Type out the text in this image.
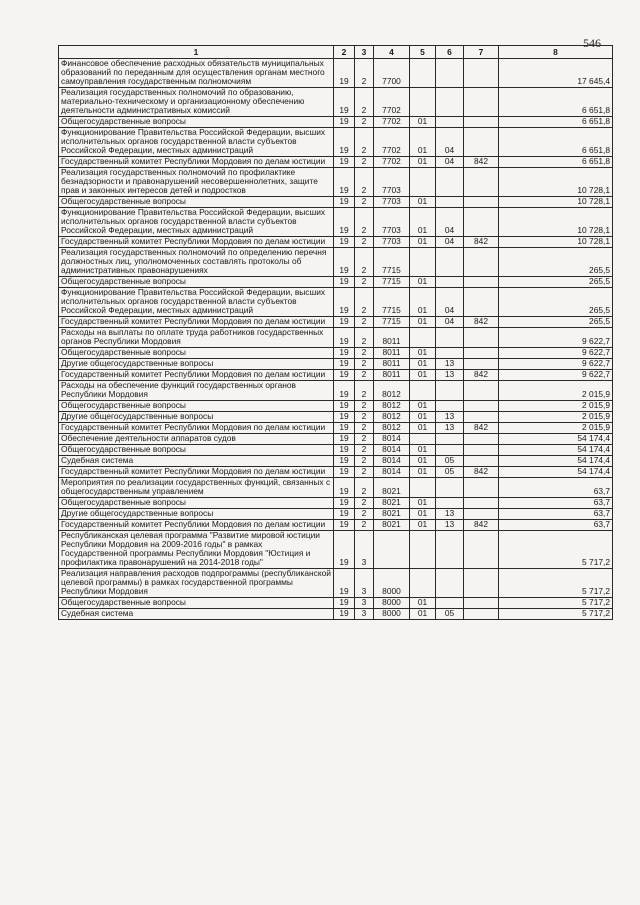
546
1	2	3	4	5	6	7	8
Финансовое обеспечение расходных обязательств муниципальных образований по переданным для осуществления органам местного самоуправления государственным полномочиям	19	2	7700				17 645,4
Реализация государственных полномочий по образованию, материально-техническому и организационному обеспечению деятельности административных комиссий	19	2	7702				6 651,8
Общегосударственные вопросы	19	2	7702	01			6 651,8
Функционирование Правительства Российской Федерации, высших исполнительных органов государственной власти субъектов Российской Федерации, местных администраций	19	2	7702	01	04		6 651,8
Государственный комитет Республики Мордовия по делам юстиции	19	2	7702	01	04	842	6 651,8
Реализация государственных полномочий по профилактике безнадзорности и правонарушений несовершеннолетних, защите прав и законных интересов детей и подростков	19	2	7703				10 728,1
Общегосударственные вопросы	19	2	7703	01			10 728,1
Функционирование Правительства Российской Федерации, высших исполнительных органов государственной власти субъектов Российской Федерации, местных администраций	19	2	7703	01	04		10 728,1
Государственный комитет Республики Мордовия по делам юстиции	19	2	7703	01	04	842	10 728,1
Реализация государственных полномочий по определению перечня должностных лиц, уполномоченных составлять протоколы об административных правонарушениях	19	2	7715				265,5
Общегосударственные вопросы	19	2	7715	01			265,5
Функционирование Правительства Российской Федерации, высших исполнительных органов государственной власти субъектов Российской Федерации, местных администраций	19	2	7715	01	04		265,5
Государственный комитет Республики Мордовия по делам юстиции	19	2	7715	01	04	842	265,5
Расходы на выплаты по оплате труда работников государственных органов Республики Мордовия	19	2	8011				9 622,7
Общегосударственные вопросы	19	2	8011	01			9 622,7
Другие общегосударственные вопросы	19	2	8011	01	13		9 622,7
Государственный комитет Республики Мордовия по делам юстиции	19	2	8011	01	13	842	9 622,7
Расходы на обеспечение функций государственных органов Республики Мордовия	19	2	8012				2 015,9
Общегосударственные вопросы	19	2	8012	01			2 015,9
Другие общегосударственные вопросы	19	2	8012	01	13		2 015,9
Государственный комитет Республики Мордовия по делам юстиции	19	2	8012	01	13	842	2 015,9
Обеспечение деятельности аппаратов судов	19	2	8014				54 174,4
Общегосударственные вопросы	19	2	8014	01			54 174,4
Судебная система	19	2	8014	01	05		54 174,4
Государственный комитет Республики Мордовия по делам юстиции	19	2	8014	01	05	842	54 174,4
Мероприятия по реализации государственных функций, связанных с общегосударственным управлением	19	2	8021				63,7
Общегосударственные вопросы	19	2	8021	01			63,7
Другие общегосударственные вопросы	19	2	8021	01	13		63,7
Государственный комитет Республики Мордовия по делам юстиции	19	2	8021	01	13	842	63,7
Республиканская целевая программа "Развитие мировой юстиции Республики Мордовия на 2009-2016 годы" в рамках Государственной программы Республики Мордовия "Юстиция и профилактика правонарушений на 2014-2018 годы"	19	3					5 717,2
Реализация направления расходов подпрограммы (республиканской целевой программы) в рамках государственной программы Республики Мордовия	19	3	8000				5 717,2
Общегосударственные вопросы	19	3	8000	01			5 717,2
Судебная система	19	3	8000	01	05		5 717,2
